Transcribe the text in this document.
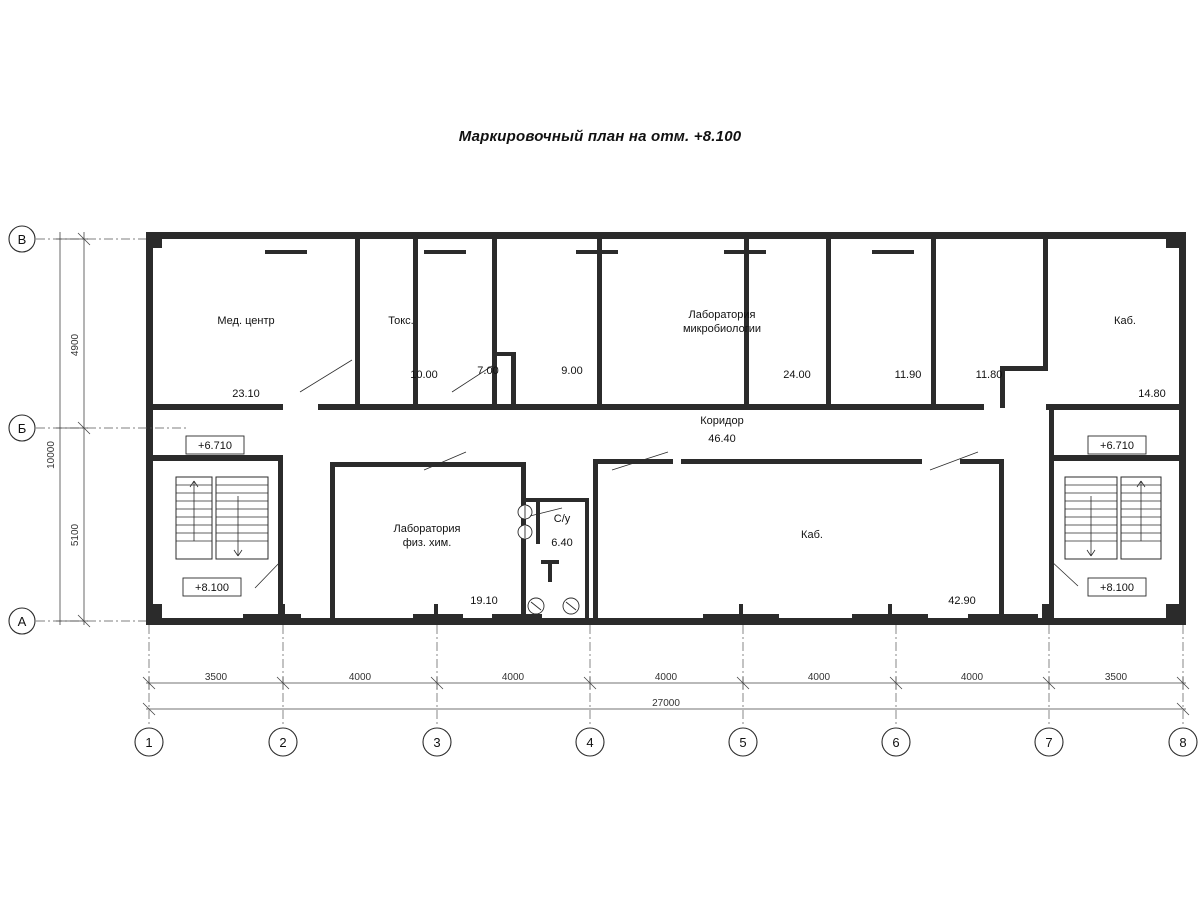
Маркировочный план на отм. +8.100
+6.710
+8.100
+6.710
+8.100
Мед. центр
23.10
Токс.
10.00	7.00	9.00
Лаборатория
микробиологии
24.00	11.90	11.80
Каб.
14.80
Коридор
46.40
Лаборатория
физ. хим.
19.10
С/у
6.40
Каб.
42.90
В
Б
А
4900
5100
10000
3500	4000	4000	4000	4000	4000	3500
27000
1	2	3	4	5	6	7	8
